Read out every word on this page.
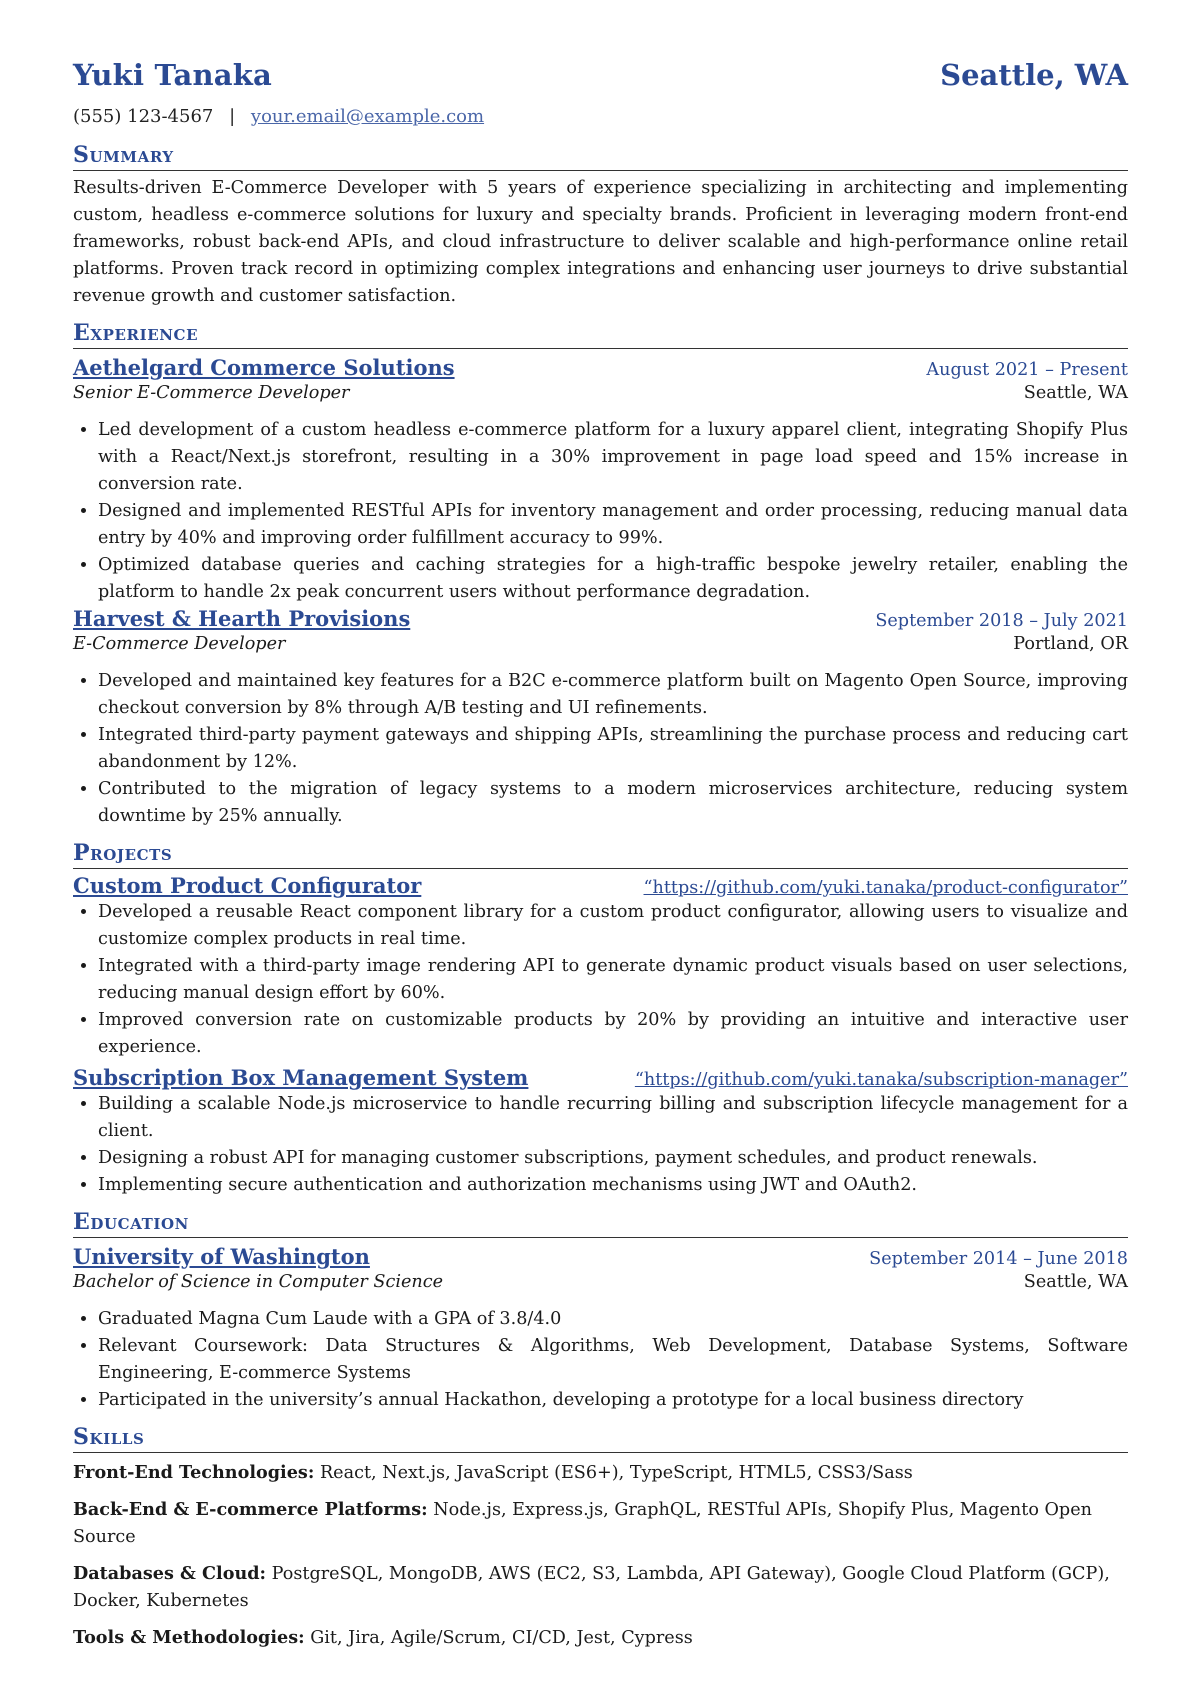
Yuki Tanaka	Seattle, WA
(555) 123-4567 | your.email@example.com
Summary
Results-driven E-Commerce Developer with 5 years of experience specializing in architecting and implementing custom, headless e-commerce solutions for luxury and specialty brands. Proficient in leveraging modern front-end frameworks, robust back-end APIs, and cloud infrastructure to deliver scalable and high-performance online retail platforms. Proven track record in optimizing complex integrations and enhancing user journeys to drive substantial revenue growth and customer satisfaction.
Experience
Aethelgard Commerce Solutions	August 2021 – Present
Senior E-Commerce Developer	Seattle, WA
• Led development of a custom headless e-commerce platform for a luxury apparel client, integrating Shopify Plus with a React/Next.js storefront, resulting in a 30% improvement in page load speed and 15% increase in conversion rate.
• Designed and implemented RESTful APIs for inventory management and order processing, reducing manual data entry by 40% and improving order fulfillment accuracy to 99%.
• Optimized database queries and caching strategies for a high-traffic bespoke jewelry retailer, enabling the platform to handle 2x peak concurrent users without performance degradation.
Harvest & Hearth Provisions	September 2018 – July 2021
E-Commerce Developer	Portland, OR
• Developed and maintained key features for a B2C e-commerce platform built on Magento Open Source, improving checkout conversion by 8% through A/B testing and UI refinements.
• Integrated third-party payment gateways and shipping APIs, streamlining the purchase process and reducing cart abandonment by 12%.
• Contributed to the migration of legacy systems to a modern microservices architecture, reducing system downtime by 25% annually.
Projects
Custom Product Configurator	“https://github.com/yuki.tanaka/product-configurator”
• Developed a reusable React component library for a custom product configurator, allowing users to visualize and customize complex products in real time.
• Integrated with a third-party image rendering API to generate dynamic product visuals based on user selections, reducing manual design effort by 60%.
• Improved conversion rate on customizable products by 20% by providing an intuitive and interactive user experience.
Subscription Box Management System	“https://github.com/yuki.tanaka/subscription-manager”
• Building a scalable Node.js microservice to handle recurring billing and subscription lifecycle management for a client.
• Designing a robust API for managing customer subscriptions, payment schedules, and product renewals.
• Implementing secure authentication and authorization mechanisms using JWT and OAuth2.
Education
University of Washington	September 2014 – June 2018
Bachelor of Science in Computer Science	Seattle, WA
• Graduated Magna Cum Laude with a GPA of 3.8/4.0
• Relevant Coursework: Data Structures & Algorithms, Web Development, Database Systems, Software Engineering, E-commerce Systems
• Participated in the university’s annual Hackathon, developing a prototype for a local business directory
Skills
Front-End Technologies: React, Next.js, JavaScript (ES6+), TypeScript, HTML5, CSS3/Sass
Back-End & E-commerce Platforms: Node.js, Express.js, GraphQL, RESTful APIs, Shopify Plus, Magento Open Source
Databases & Cloud: PostgreSQL, MongoDB, AWS (EC2, S3, Lambda, API Gateway), Google Cloud Platform (GCP), Docker, Kubernetes
Tools & Methodologies: Git, Jira, Agile/Scrum, CI/CD, Jest, Cypress
